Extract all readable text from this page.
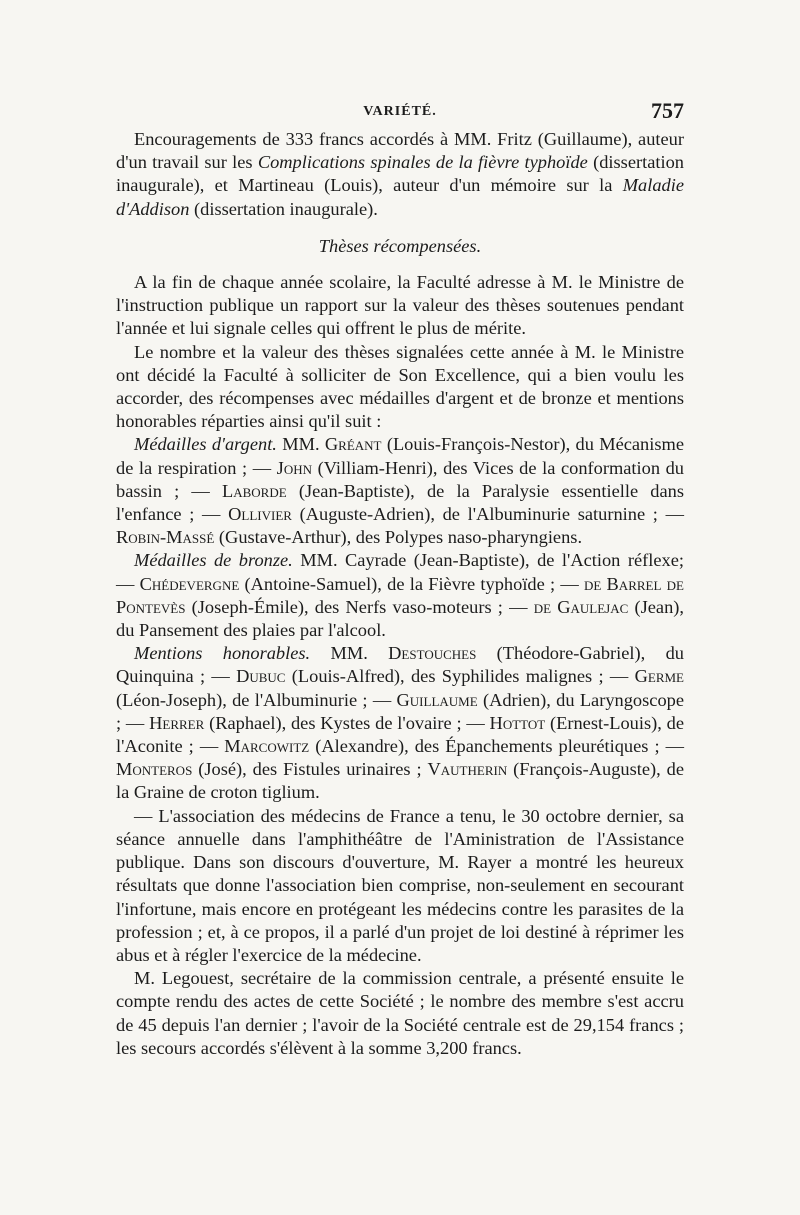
VARIÉTÉ.	757

Encouragements de 333 francs accordés à MM. Fritz (Guillaume), auteur d'un travail sur les Complications spinales de la fièvre typhoïde (dissertation inaugurale), et Martineau (Louis), auteur d'un mémoire sur la Maladie d'Addison (dissertation inaugurale).

Thèses récompensées.

A la fin de chaque année scolaire, la Faculté adresse à M. le Ministre de l'instruction publique un rapport sur la valeur des thèses soutenues pendant l'année et lui signale celles qui offrent le plus de mérite.

Le nombre et la valeur des thèses signalées cette année à M. le Ministre ont décidé la Faculté à solliciter de Son Excellence, qui a bien voulu les accorder, des récompenses avec médailles d'argent et de bronze et mentions honorables réparties ainsi qu'il suit :

Médailles d'argent. MM. Gréant (Louis-François-Nestor), du Mécanisme de la respiration ; — John (Villiam-Henri), des Vices de la conformation du bassin ; — Laborde (Jean-Baptiste), de la Paralysie essentielle dans l'enfance ; — Ollivier (Auguste-Adrien), de l'Albuminurie saturnine ; — Robin-Massé (Gustave-Arthur), des Polypes naso-pharyngiens.

Médailles de bronze. MM. Cayrade (Jean-Baptiste), de l'Action réflexe; — Chédevergne (Antoine-Samuel), de la Fièvre typhoïde ; — de Barrel de Pontevès (Joseph-Émile), des Nerfs vaso-moteurs ; — de Gaulejac (Jean), du Pansement des plaies par l'alcool.

Mentions honorables. MM. Destouches (Théodore-Gabriel), du Quinquina ; — Dubuc (Louis-Alfred), des Syphilides malignes ; — Germe (Léon-Joseph), de l'Albuminurie ; — Guillaume (Adrien), du Laryngoscope ; — Herrer (Raphael), des Kystes de l'ovaire ; — Hottot (Ernest-Louis), de l'Aconite ; — Marcowitz (Alexandre), des Épanchements pleurétiques ; — Monteros (José), des Fistules urinaires ; Vautherin (François-Auguste), de la Graine de croton tiglium.

— L'association des médecins de France a tenu, le 30 octobre dernier, sa séance annuelle dans l'amphithéâtre de l'Aministration de l'Assistance publique. Dans son discours d'ouverture, M. Rayer a montré les heureux résultats que donne l'association bien comprise, non-seulement en secourant l'infortune, mais encore en protégeant les médecins contre les parasites de la profession ; et, à ce propos, il a parlé d'un projet de loi destiné à réprimer les abus et à régler l'exercice de la médecine.

M. Legouest, secrétaire de la commission centrale, a présenté ensuite le compte rendu des actes de cette Société ; le nombre des membre s'est accru de 45 depuis l'an dernier ; l'avoir de la Société centrale est de 29,154 francs ; les secours accordés s'élèvent à la somme 3,200 francs.
